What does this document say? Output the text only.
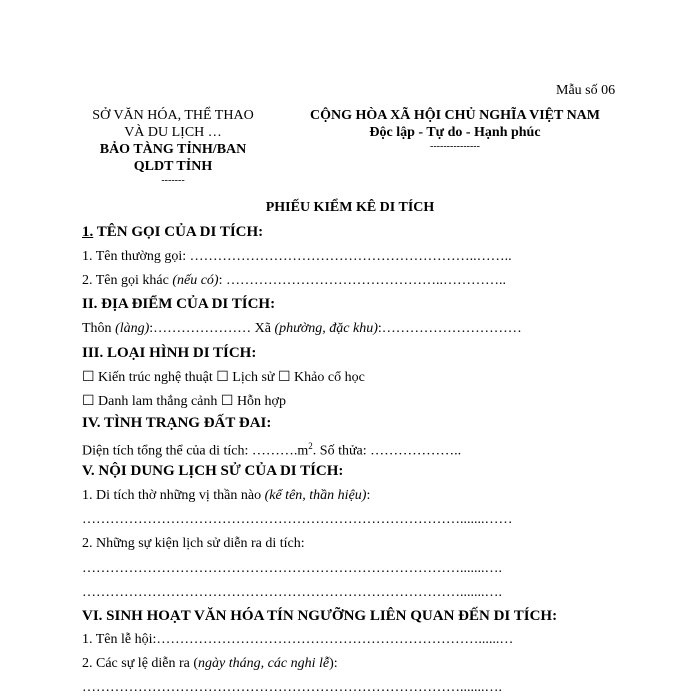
Mẫu số 06
SỞ VĂN HÓA, THỂ THAO
VÀ DU LỊCH …
BẢO TÀNG TỈNH/BAN
QLDT TỈNH
-------
CỘNG HÒA XÃ HỘI CHỦ NGHĨA VIỆT NAM
Độc lập - Tự do - Hạnh phúc
---------------
PHIẾU KIỂM KÊ DI TÍCH
1. TÊN GỌI CỦA DI TÍCH:
1. Tên thường gọi: ……………………………………………………..……..
2. Tên gọi khác (nếu có): ………………………………………..…………..
II. ĐỊA ĐIỂM CỦA DI TÍCH:
Thôn (làng):………………… Xã (phường, đặc khu):…………………………
III. LOẠI HÌNH DI TÍCH:
☐ Kiến trúc nghệ thuật ☐ Lịch sử ☐ Khảo cổ học
☐ Danh lam thắng cảnh ☐ Hỗn hợp
IV. TÌNH TRẠNG ĐẤT ĐAI:
Diện tích tổng thể của di tích: $\dots\dots\dots.m^2$. Số thửa: ………………..
V. NỘI DUNG LỊCH SỬ CỦA DI TÍCH:
1. Di tích thờ những vị thần nào (kể tên, thần hiệu):
……………………………………………………………………….......……
2. Những sự kiện lịch sử diễn ra di tích:
……………………………………………………………………….......….
……………………………………………………………………….......….
VI. SINH HOẠT VĂN HÓA TÍN NGƯỠNG LIÊN QUAN ĐẾN DI TÍCH:
1. Tên lễ hội:……………………………………………………………......…
2. Các sự lệ diễn ra (ngày tháng, các nghi lễ):
……………………………………………………………………….......….
